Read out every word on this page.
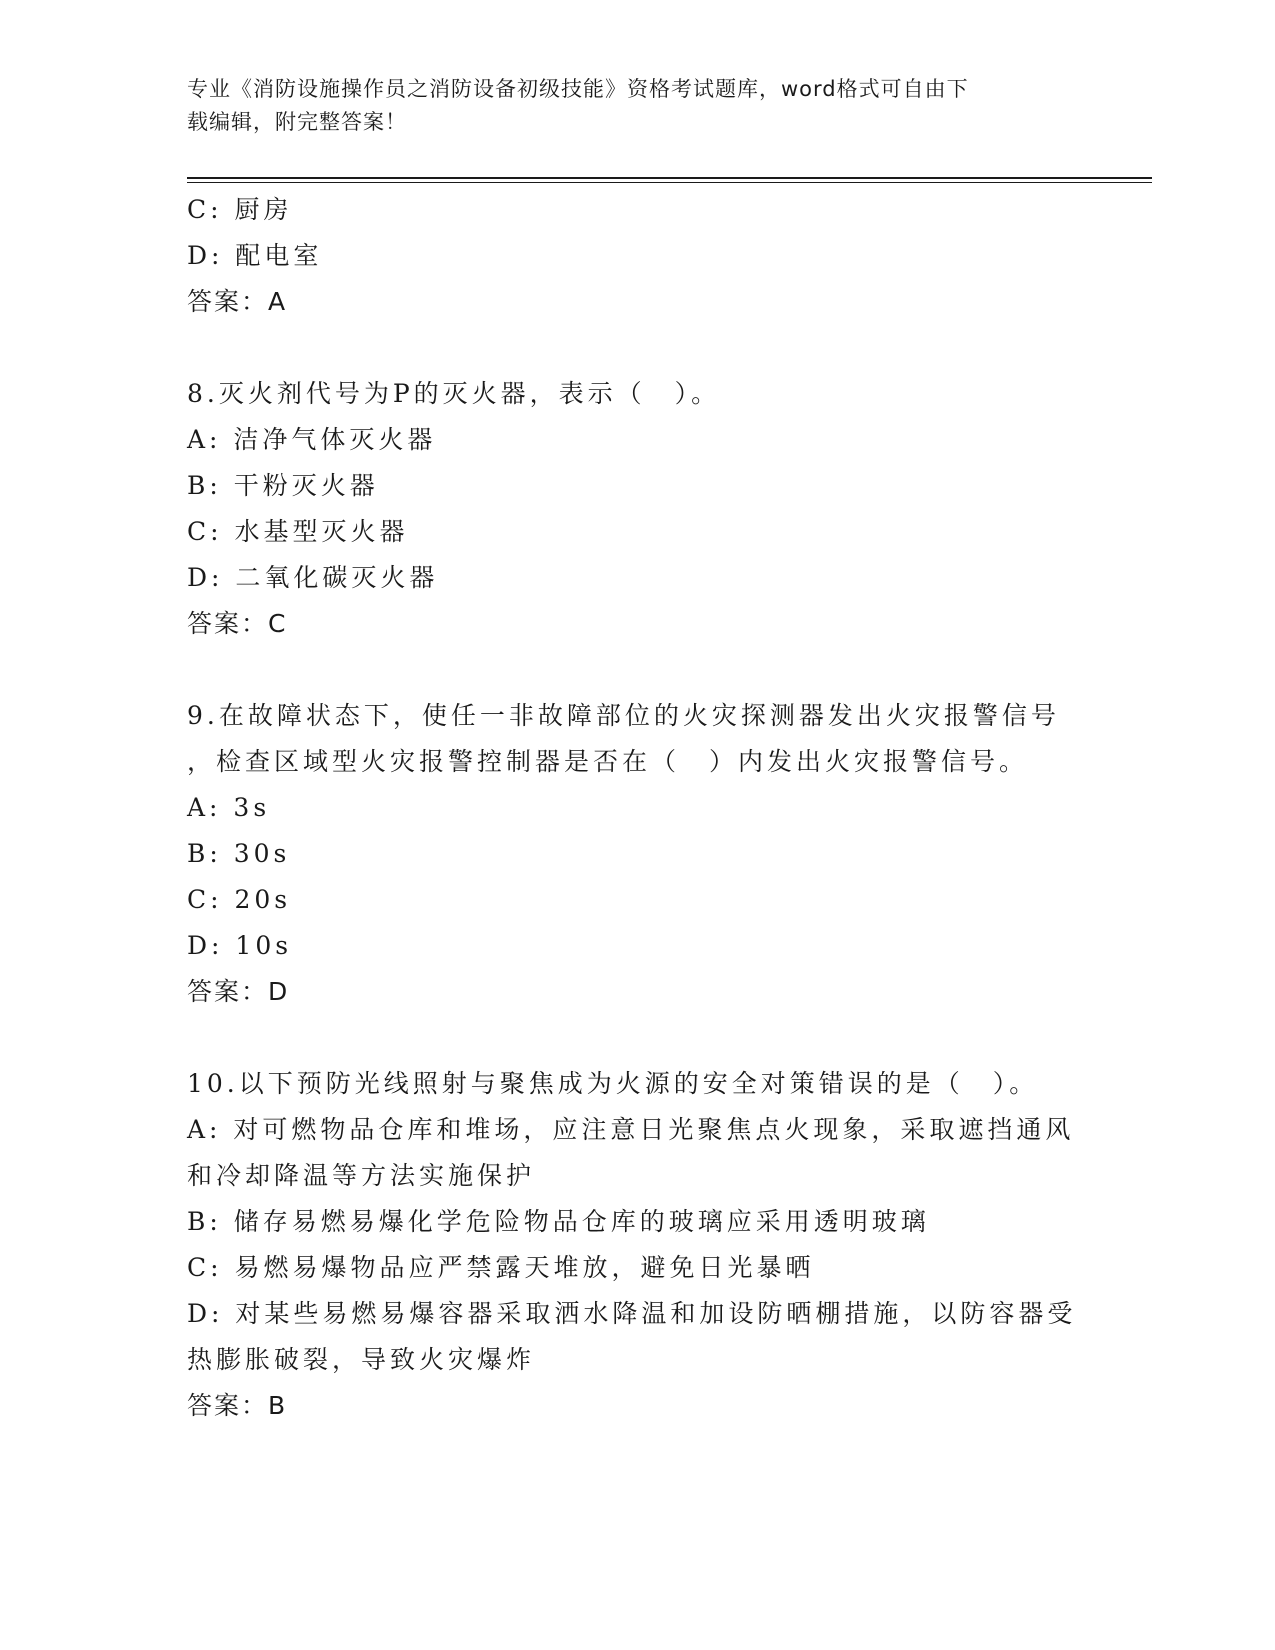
专业《消防设施操作员之消防设备初级技能》资格考试题库，word格式可自由下
载编辑，附完整答案！
C: 厨房
D: 配电室
答案：A
8.灭火剂代号为P的灭火器，表示（　）。
A: 洁净气体灭火器
B: 干粉灭火器
C: 水基型灭火器
D: 二氧化碳灭火器
答案：C
9.在故障状态下，使任一非故障部位的火灾探测器发出火灾报警信号
，检查区域型火灾报警控制器是否在（　）内发出火灾报警信号。
A: 3s
B: 30s
C: 20s
D: 10s
答案：D
10.以下预防光线照射与聚焦成为火源的安全对策错误的是（　）。
A: 对可燃物品仓库和堆场，应注意日光聚焦点火现象，采取遮挡通风
和冷却降温等方法实施保护
B: 储存易燃易爆化学危险物品仓库的玻璃应采用透明玻璃
C: 易燃易爆物品应严禁露天堆放，避免日光暴晒
D: 对某些易燃易爆容器采取洒水降温和加设防晒棚措施，以防容器受
热膨胀破裂，导致火灾爆炸
答案：B
